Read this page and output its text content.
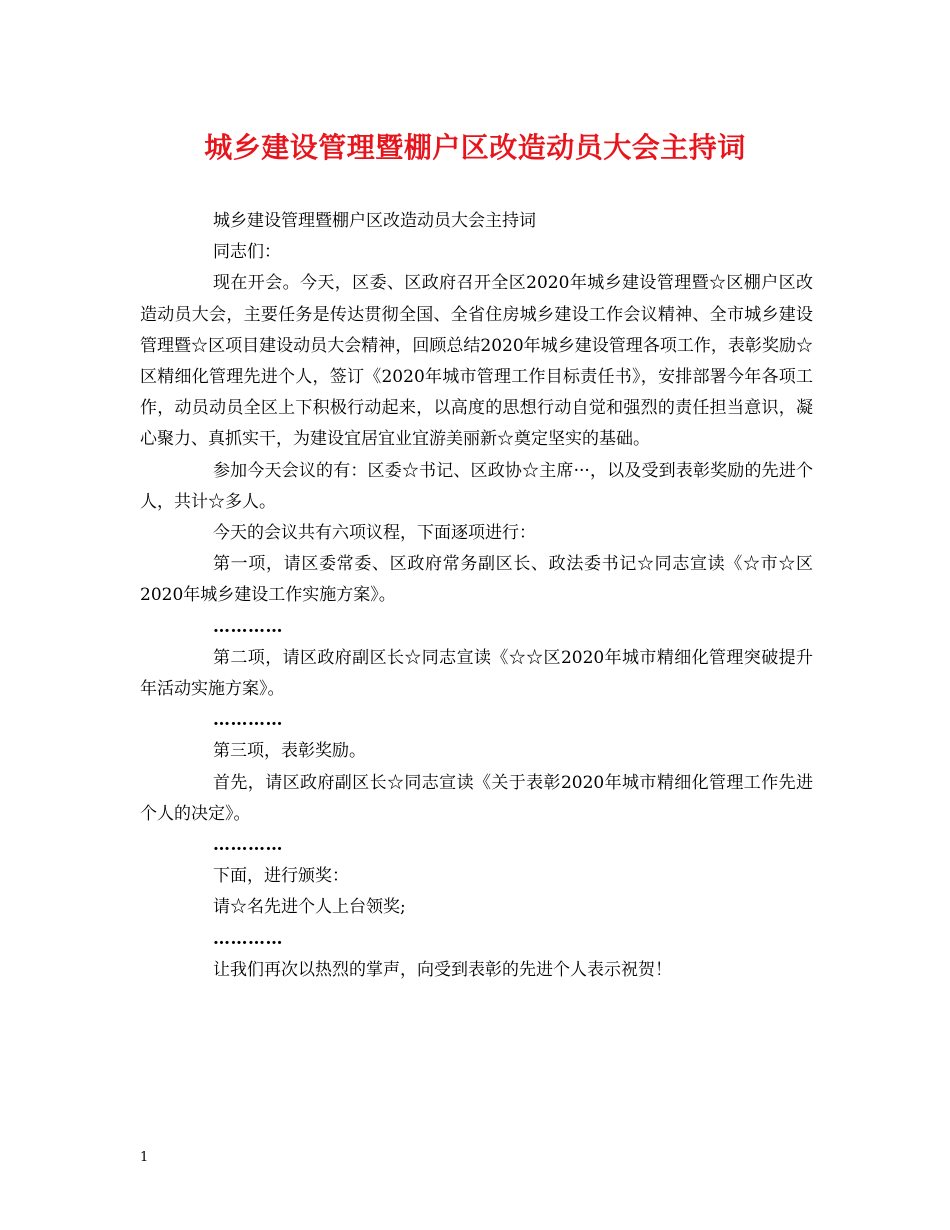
城乡建设管理暨棚户区改造动员大会主持词

城乡建设管理暨棚户区改造动员大会主持词

同志们：

现在开会。今天，区委、区政府召开全区2020年城乡建设管理暨☆区棚户区改造动员大会，主要任务是传达贯彻全国、全省住房城乡建设工作会议精神、全市城乡建设管理暨☆区项目建设动员大会精神，回顾总结2020年城乡建设管理各项工作，表彰奖励☆区精细化管理先进个人，签订《2020年城市管理工作目标责任书》，安排部署今年各项工作，动员动员全区上下积极行动起来，以高度的思想行动自觉和强烈的责任担当意识，凝心聚力、真抓实干，为建设宜居宜业宜游美丽新☆奠定坚实的基础。

参加今天会议的有：区委☆书记、区政协☆主席···，以及受到表彰奖励的先进个人，共计☆多人。

今天的会议共有六项议程，下面逐项进行：

第一项，请区委常委、区政府常务副区长、政法委书记☆同志宣读《☆市☆区2020年城乡建设工作实施方案》。

…………

第二项，请区政府副区长☆同志宣读《☆☆区2020年城市精细化管理突破提升年活动实施方案》。

…………

第三项，表彰奖励。

首先，请区政府副区长☆同志宣读《关于表彰2020年城市精细化管理工作先进个人的决定》。

…………

下面，进行颁奖：

请☆名先进个人上台领奖;

…………

让我们再次以热烈的掌声，向受到表彰的先进个人表示祝贺！

1
